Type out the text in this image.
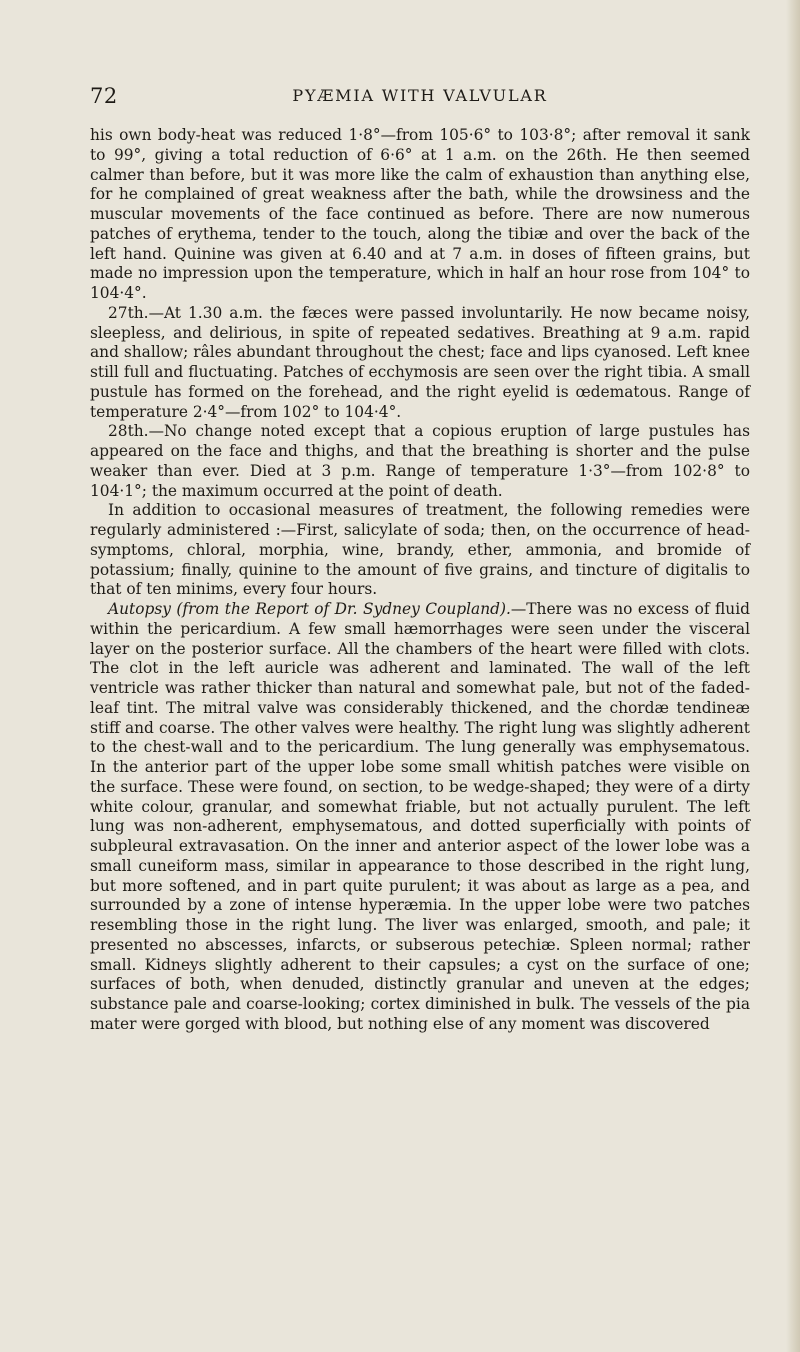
72	PYÆMIA WITH VALVULAR

his own body-heat was reduced 1·8°—from 105·6° to 103·8°; after removal it sank to 99°, giving a total reduction of 6·6° at 1 a.m. on the 26th. He then seemed calmer than before, but it was more like the calm of exhaustion than anything else, for he complained of great weakness after the bath, while the drowsiness and the muscular movements of the face continued as before. There are now numerous patches of erythema, tender to the touch, along the tibiæ and over the back of the left hand. Quinine was given at 6.40 and at 7 a.m. in doses of fifteen grains, but made no impression upon the temperature, which in half an hour rose from 104° to 104·4°.

27th.—At 1.30 a.m. the fæces were passed involuntarily. He now became noisy, sleepless, and delirious, in spite of repeated sedatives. Breathing at 9 a.m. rapid and shallow; râles abundant throughout the chest; face and lips cyanosed. Left knee still full and fluctuating. Patches of ecchymosis are seen over the right tibia. A small pustule has formed on the forehead, and the right eyelid is œdematous. Range of temperature 2·4°—from 102° to 104·4°.

28th.—No change noted except that a copious eruption of large pustules has appeared on the face and thighs, and that the breathing is shorter and the pulse weaker than ever. Died at 3 p.m. Range of temperature 1·3°—from 102·8° to 104·1°; the maximum occurred at the point of death.

In addition to occasional measures of treatment, the following remedies were regularly administered :—First, salicylate of soda; then, on the occurrence of head-symptoms, chloral, morphia, wine, brandy, ether, ammonia, and bromide of potassium; finally, quinine to the amount of five grains, and tincture of digitalis to that of ten minims, every four hours.

Autopsy (from the Report of Dr. Sydney Coupland).—There was no excess of fluid within the pericardium. A few small hæmorrhages were seen under the visceral layer on the posterior surface. All the chambers of the heart were filled with clots. The clot in the left auricle was adherent and laminated. The wall of the left ventricle was rather thicker than natural and somewhat pale, but not of the faded-leaf tint. The mitral valve was considerably thickened, and the chordæ tendineæ stiff and coarse. The other valves were healthy. The right lung was slightly adherent to the chest-wall and to the pericardium. The lung generally was emphysematous. In the anterior part of the upper lobe some small whitish patches were visible on the surface. These were found, on section, to be wedge-shaped; they were of a dirty white colour, granular, and somewhat friable, but not actually purulent. The left lung was non-adherent, emphysematous, and dotted superficially with points of subpleural extravasation. On the inner and anterior aspect of the lower lobe was a small cuneiform mass, similar in appearance to those described in the right lung, but more softened, and in part quite purulent; it was about as large as a pea, and surrounded by a zone of intense hyperæmia. In the upper lobe were two patches resembling those in the right lung. The liver was enlarged, smooth, and pale; it presented no abscesses, infarcts, or subserous petechiæ. Spleen normal; rather small. Kidneys slightly adherent to their capsules; a cyst on the surface of one; surfaces of both, when denuded, distinctly granular and uneven at the edges; substance pale and coarse-looking; cortex diminished in bulk. The vessels of the pia mater were gorged with blood, but nothing else of any moment was discovered
